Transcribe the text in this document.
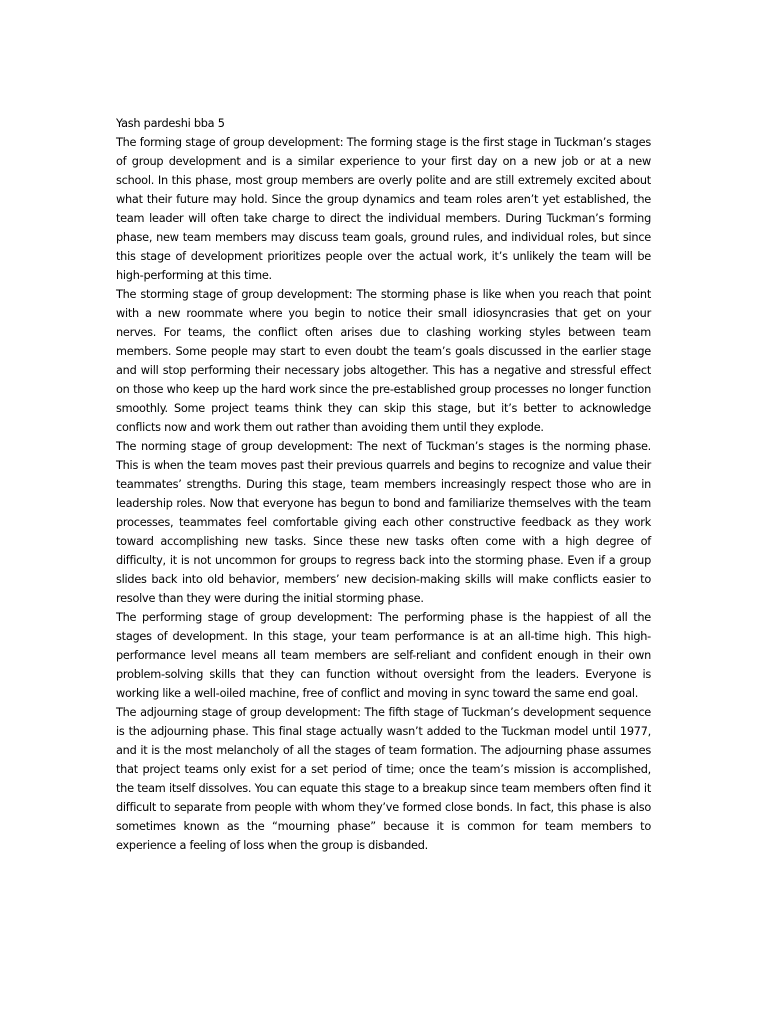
Yash pardeshi bba 5

The forming stage of group development: The forming stage is the first stage in Tuckman’s stages of group development and is a similar experience to your first day on a new job or at a new school. In this phase, most group members are overly polite and are still extremely excited about what their future may hold. Since the group dynamics and team roles aren’t yet established, the team leader will often take charge to direct the individual members. During Tuckman’s forming phase, new team members may discuss team goals, ground rules, and individual roles, but since this stage of development prioritizes people over the actual work, it’s unlikely the team will be high-performing at this time.

The storming stage of group development: The storming phase is like when you reach that point with a new roommate where you begin to notice their small idiosyncrasies that get on your nerves. For teams, the conflict often arises due to clashing working styles between team members. Some people may start to even doubt the team’s goals discussed in the earlier stage and will stop performing their necessary jobs altogether. This has a negative and stressful effect on those who keep up the hard work since the pre-established group processes no longer function smoothly. Some project teams think they can skip this stage, but it’s better to acknowledge conflicts now and work them out rather than avoiding them until they explode.

The norming stage of group development: The next of Tuckman’s stages is the norming phase. This is when the team moves past their previous quarrels and begins to recognize and value their teammates’ strengths. During this stage, team members increasingly respect those who are in leadership roles. Now that everyone has begun to bond and familiarize themselves with the team processes, teammates feel comfortable giving each other constructive feedback as they work toward accomplishing new tasks. Since these new tasks often come with a high degree of difficulty, it is not uncommon for groups to regress back into the storming phase. Even if a group slides back into old behavior, members’ new decision-making skills will make conflicts easier to resolve than they were during the initial storming phase.

The performing stage of group development: The performing phase is the happiest of all the stages of development. In this stage, your team performance is at an all-time high. This high-performance level means all team members are self-reliant and confident enough in their own problem-solving skills that they can function without oversight from the leaders. Everyone is working like a well-oiled machine, free of conflict and moving in sync toward the same end goal.

The adjourning stage of group development: The fifth stage of Tuckman’s development sequence is the adjourning phase. This final stage actually wasn’t added to the Tuckman model until 1977, and it is the most melancholy of all the stages of team formation. The adjourning phase assumes that project teams only exist for a set period of time; once the team’s mission is accomplished, the team itself dissolves. You can equate this stage to a breakup since team members often find it difficult to separate from people with whom they’ve formed close bonds. In fact, this phase is also sometimes known as the “mourning phase” because it is common for team members to experience a feeling of loss when the group is disbanded.
